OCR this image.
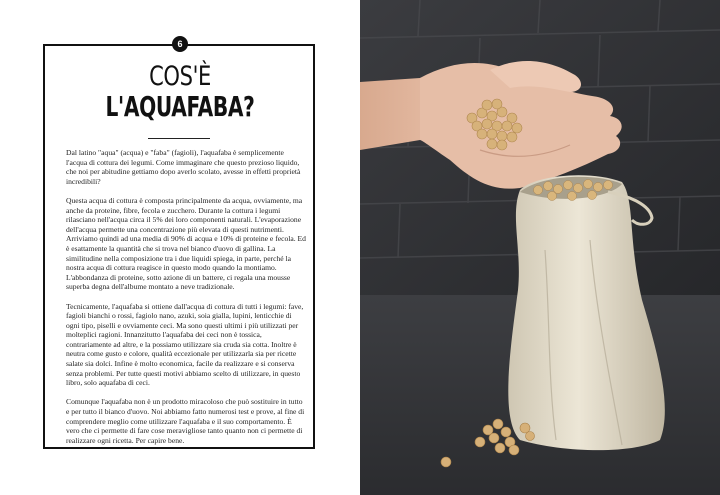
6
COS'È
L'AQUAFABA?

Dal latino "aqua" (acqua) e "faba" (fagioli), l'aquafaba è semplicemente l'acqua di cottura dei legumi. Come immaginare che questo prezioso liquido, che noi per abitudine gettiamo dopo averlo scolato, avesse in effetti proprietà incredibili?

Questa acqua di cottura è composta principalmente da acqua, ovviamente, ma anche da proteine, fibre, fecola e zucchero. Durante la cottura i legumi rilasciano nell'acqua circa il 5% dei loro componenti naturali. L'evaporazione dell'acqua permette una concentrazione più elevata di questi nutrimenti. Arriviamo quindi ad una media di 90% di acqua e 10% di proteine e fecola. Ed è esattamente la quantità che si trova nel bianco d'uovo di gallina. La similitudine nella composizione tra i due liquidi spiega, in parte, perché la nostra acqua di cottura reagisce in questo modo quando la montiamo. L'abbondanza di proteine, sotto azione di un battere, ci regala una mousse superba degna dell'albume montato a neve tradizionale.

Tecnicamente, l'aquafaba si ottiene dall'acqua di cottura di tutti i legumi: fave, fagioli bianchi o rossi, fagiolo nano, azuki, soia gialla, lupini, lenticchie di ogni tipo, piselli e ovviamente ceci. Ma sono questi ultimi i più utilizzati per molteplici ragioni. Innanzitutto l'aquafaba dei ceci non è tossica, contrariamente ad altre, e la possiamo utilizzare sia cruda sia cotta. Inoltre è neutra come gusto e colore, qualità eccezionale per utilizzarla sia per ricette salate sia dolci. Infine è molto economica, facile da realizzare e si conserva senza problemi. Per tutte questi motivi abbiamo scelto di utilizzare, in questo libro, solo aquafaba di ceci.

Comunque l'aquafaba non è un prodotto miracoloso che può sostituire in tutto e per tutto il bianco d'uovo. Noi abbiamo fatto numerosi test e prove, al fine di comprendere meglio come utilizzare l'aquafaba e il suo comportamento. È vero che ci permette di fare cose meravigliose tanto quanto non ci permette di realizzare ogni ricetta. Per capire bene.
